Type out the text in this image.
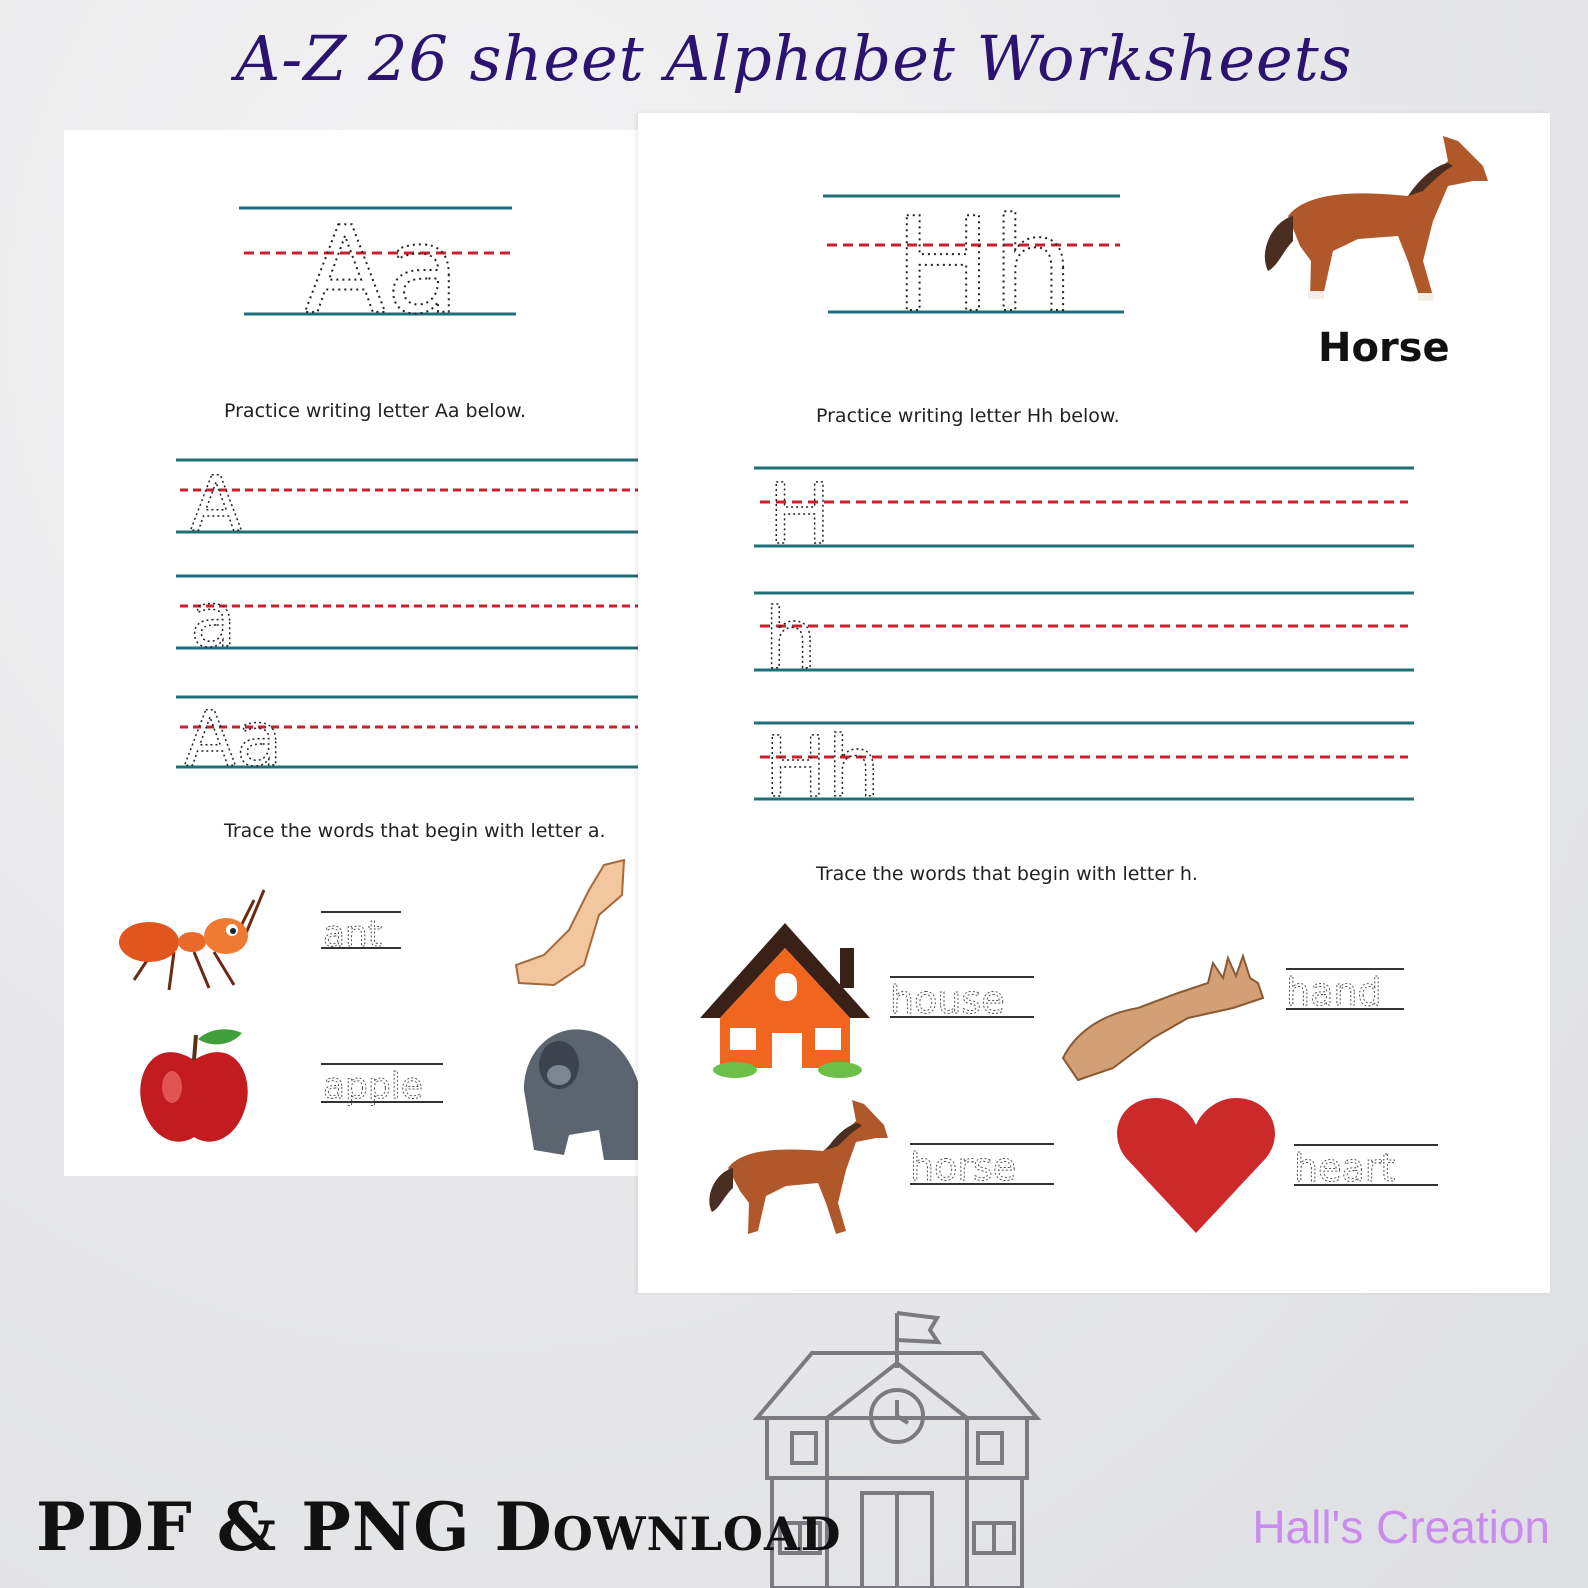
A-Z 26 sheet Alphabet Worksheets
Aa
Practice writing letter Aa below.
A
a
Aa
Trace the words that begin with letter a.
ant
apple
Hh
Horse
Practice writing letter Hh below.
H
h
Hh
Trace the words that begin with letter h.
house	hand
horse	heart
PDF & PNG Download	Hall's Creation
